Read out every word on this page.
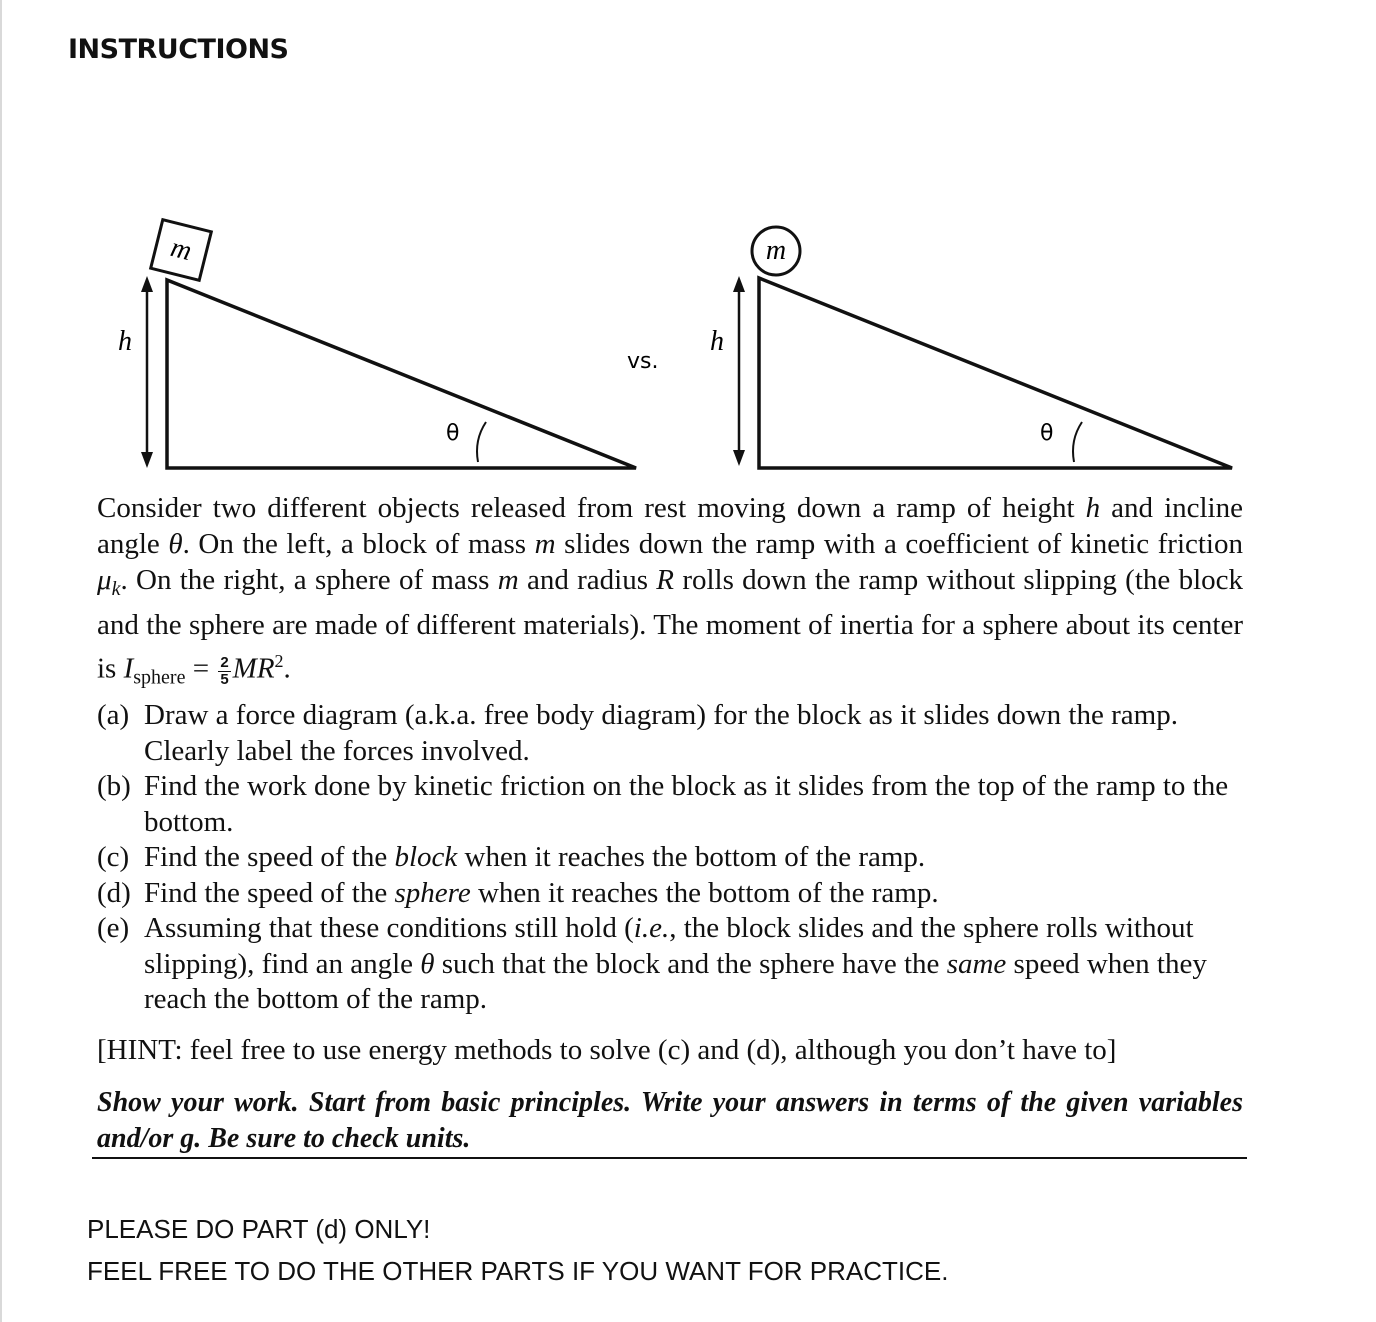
INSTRUCTIONS
h
m
θ
vs.
h
m
θ
Consider two different objects released from rest moving down a ramp of height h and incline angle θ. On the left, a block of mass m slides down the ramp with a coefficient of kinetic friction $\mu_k$. On the right, a sphere of mass m and radius R rolls down the ramp without slipping (the block and the sphere are made of different materials). The moment of inertia for a sphere about its center is $I_{sphere} = \frac{2}{5} MR^2$.
(a) Draw a force diagram (a.k.a. free body diagram) for the block as it slides down the ramp. Clearly label the forces involved.
(b) Find the work done by kinetic friction on the block as it slides from the top of the ramp to the bottom.
(c) Find the speed of the block when it reaches the bottom of the ramp.
(d) Find the speed of the sphere when it reaches the bottom of the ramp.
(e) Assuming that these conditions still hold (i.e., the block slides and the sphere rolls without slipping), find an angle θ such that the block and the sphere have the same speed when they reach the bottom of the ramp.
[HINT: feel free to use energy methods to solve (c) and (d), although you don’t have to]
Show your work. Start from basic principles. Write your answers in terms of the given variables and/or g. Be sure to check units.
PLEASE DO PART (d) ONLY!
FEEL FREE TO DO THE OTHER PARTS IF YOU WANT FOR PRACTICE.
